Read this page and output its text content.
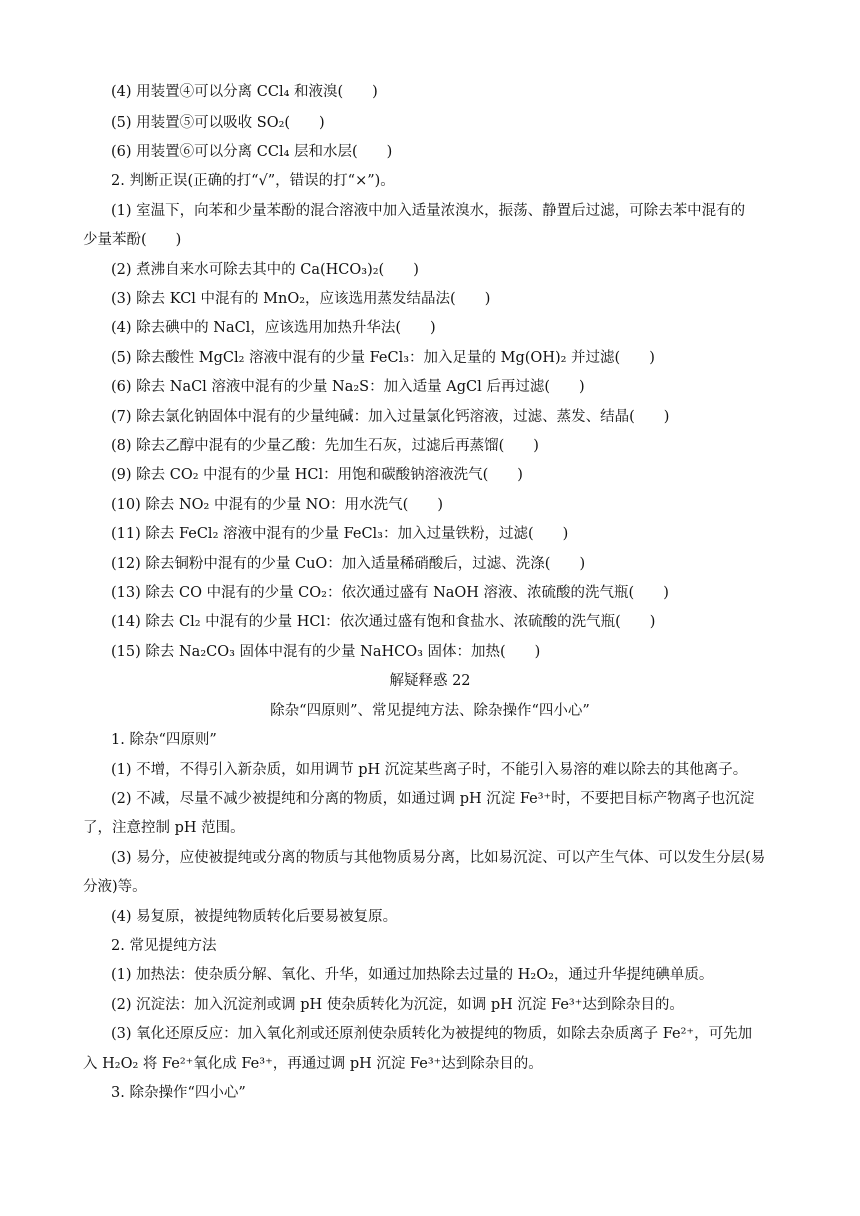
(4) 用装置④可以分离 CCl₄ 和液溴(　　)
(5) 用装置⑤可以吸收 SO₂(　　)
(6) 用装置⑥可以分离 CCl₄ 层和水层(　　)
2. 判断正误(正确的打“√”，错误的打“×”)。
(1) 室温下，向苯和少量苯酚的混合溶液中加入适量浓溴水，振荡、静置后过滤，可除去苯中混有的
少量苯酚(　　)
(2) 煮沸自来水可除去其中的 Ca(HCO₃)₂(　　)
(3) 除去 KCl 中混有的 MnO₂，应该选用蒸发结晶法(　　)
(4) 除去碘中的 NaCl，应该选用加热升华法(　　)
(5) 除去酸性 MgCl₂ 溶液中混有的少量 FeCl₃：加入足量的 Mg(OH)₂ 并过滤(　　)
(6) 除去 NaCl 溶液中混有的少量 Na₂S：加入适量 AgCl 后再过滤(　　)
(7) 除去氯化钠固体中混有的少量纯碱：加入过量氯化钙溶液，过滤、蒸发、结晶(　　)
(8) 除去乙醇中混有的少量乙酸：先加生石灰，过滤后再蒸馏(　　)
(9) 除去 CO₂ 中混有的少量 HCl：用饱和碳酸钠溶液洗气(　　)
(10) 除去 NO₂ 中混有的少量 NO：用水洗气(　　)
(11) 除去 FeCl₂ 溶液中混有的少量 FeCl₃：加入过量铁粉，过滤(　　)
(12) 除去铜粉中混有的少量 CuO：加入适量稀硝酸后，过滤、洗涤(　　)
(13) 除去 CO 中混有的少量 CO₂：依次通过盛有 NaOH 溶液、浓硫酸的洗气瓶(　　)
(14) 除去 Cl₂ 中混有的少量 HCl：依次通过盛有饱和食盐水、浓硫酸的洗气瓶(　　)
(15) 除去 Na₂CO₃ 固体中混有的少量 NaHCO₃ 固体：加热(　　)
解疑释惑 22
除杂“四原则”、常见提纯方法、除杂操作“四小心”
1. 除杂“四原则”
(1) 不增，不得引入新杂质，如用调节 pH 沉淀某些离子时，不能引入易溶的难以除去的其他离子。
(2) 不减，尽量不减少被提纯和分离的物质，如通过调 pH 沉淀 Fe³⁺时，不要把目标产物离子也沉淀
了，注意控制 pH 范围。
(3) 易分，应使被提纯或分离的物质与其他物质易分离，比如易沉淀、可以产生气体、可以发生分层(易
分液)等。
(4) 易复原，被提纯物质转化后要易被复原。
2. 常见提纯方法
(1) 加热法：使杂质分解、氧化、升华，如通过加热除去过量的 H₂O₂，通过升华提纯碘单质。
(2) 沉淀法：加入沉淀剂或调 pH 使杂质转化为沉淀，如调 pH 沉淀 Fe³⁺达到除杂目的。
(3) 氧化还原反应：加入氧化剂或还原剂使杂质转化为被提纯的物质，如除去杂质离子 Fe²⁺，可先加
入 H₂O₂ 将 Fe²⁺氧化成 Fe³⁺，再通过调 pH 沉淀 Fe³⁺达到除杂目的。
3. 除杂操作“四小心”
